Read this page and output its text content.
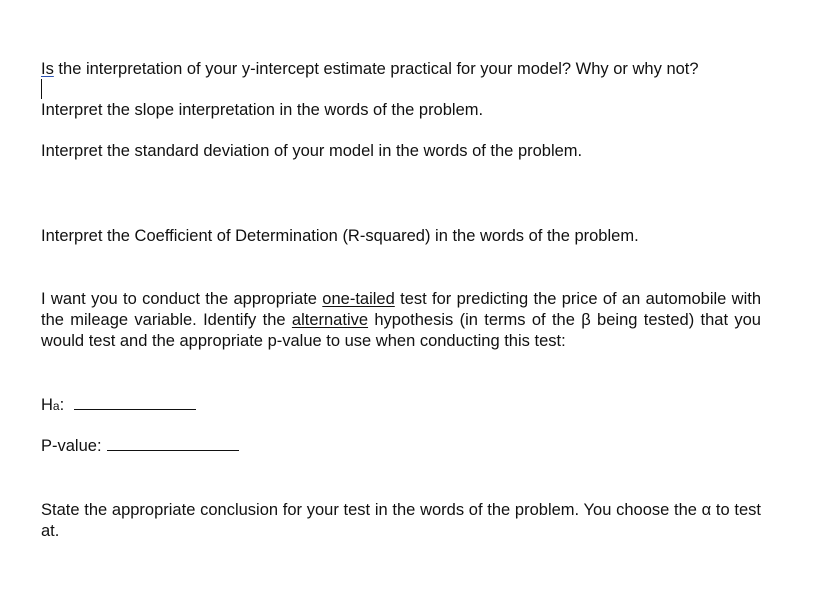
Is the interpretation of your y-intercept estimate practical for your model? Why or why not?

Interpret the slope interpretation in the words of the problem.

Interpret the standard deviation of your model in the words of the problem.

Interpret the Coefficient of Determination (R-squared) in the words of the problem.

I want you to conduct the appropriate one-tailed test for predicting the price of an automobile with the mileage variable. Identify the alternative hypothesis (in terms of the β being tested) that you would test and the appropriate p-value to use when conducting this test:

Ha:

P-value:

State the appropriate conclusion for your test in the words of the problem. You choose the α to test at.
